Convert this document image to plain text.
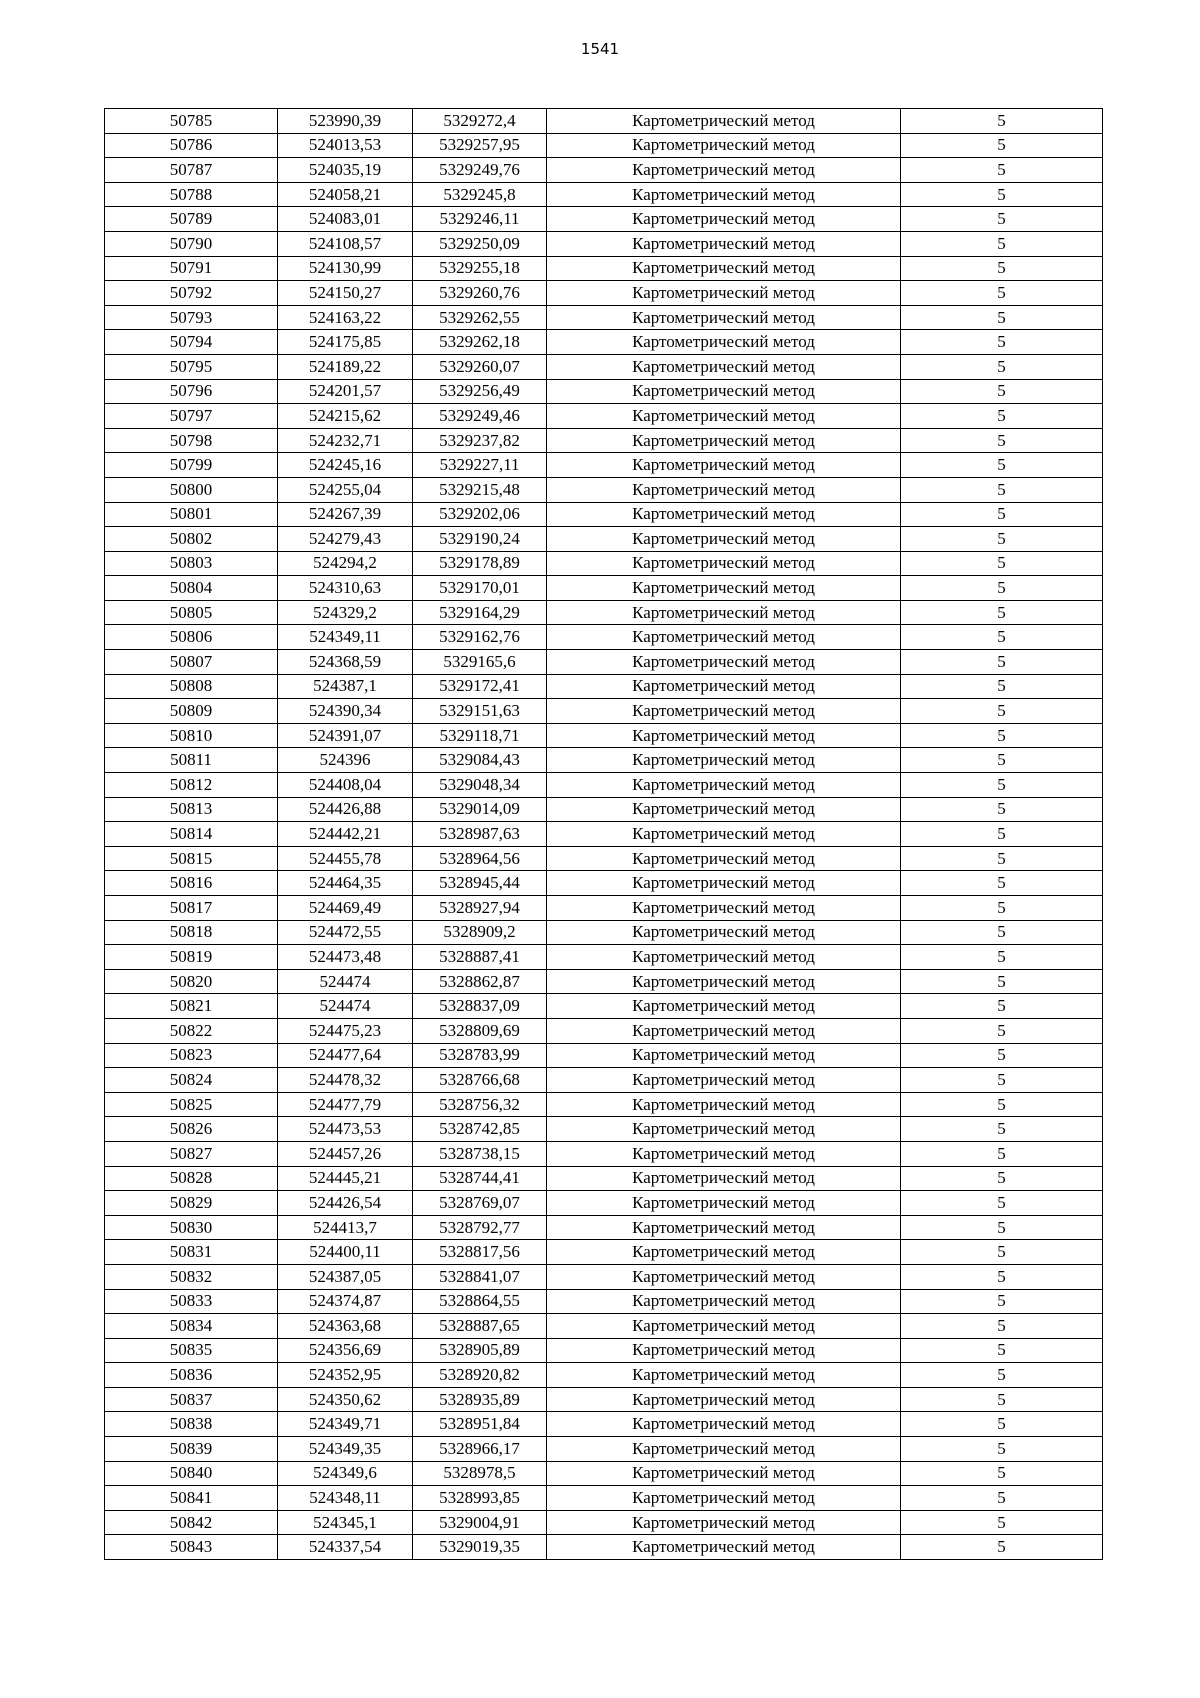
1541
50785	523990,39	5329272,4	Картометрический метод	5
50786	524013,53	5329257,95	Картометрический метод	5
50787	524035,19	5329249,76	Картометрический метод	5
50788	524058,21	5329245,8	Картометрический метод	5
50789	524083,01	5329246,11	Картометрический метод	5
50790	524108,57	5329250,09	Картометрический метод	5
50791	524130,99	5329255,18	Картометрический метод	5
50792	524150,27	5329260,76	Картометрический метод	5
50793	524163,22	5329262,55	Картометрический метод	5
50794	524175,85	5329262,18	Картометрический метод	5
50795	524189,22	5329260,07	Картометрический метод	5
50796	524201,57	5329256,49	Картометрический метод	5
50797	524215,62	5329249,46	Картометрический метод	5
50798	524232,71	5329237,82	Картометрический метод	5
50799	524245,16	5329227,11	Картометрический метод	5
50800	524255,04	5329215,48	Картометрический метод	5
50801	524267,39	5329202,06	Картометрический метод	5
50802	524279,43	5329190,24	Картометрический метод	5
50803	524294,2	5329178,89	Картометрический метод	5
50804	524310,63	5329170,01	Картометрический метод	5
50805	524329,2	5329164,29	Картометрический метод	5
50806	524349,11	5329162,76	Картометрический метод	5
50807	524368,59	5329165,6	Картометрический метод	5
50808	524387,1	5329172,41	Картометрический метод	5
50809	524390,34	5329151,63	Картометрический метод	5
50810	524391,07	5329118,71	Картометрический метод	5
50811	524396	5329084,43	Картометрический метод	5
50812	524408,04	5329048,34	Картометрический метод	5
50813	524426,88	5329014,09	Картометрический метод	5
50814	524442,21	5328987,63	Картометрический метод	5
50815	524455,78	5328964,56	Картометрический метод	5
50816	524464,35	5328945,44	Картометрический метод	5
50817	524469,49	5328927,94	Картометрический метод	5
50818	524472,55	5328909,2	Картометрический метод	5
50819	524473,48	5328887,41	Картометрический метод	5
50820	524474	5328862,87	Картометрический метод	5
50821	524474	5328837,09	Картометрический метод	5
50822	524475,23	5328809,69	Картометрический метод	5
50823	524477,64	5328783,99	Картометрический метод	5
50824	524478,32	5328766,68	Картометрический метод	5
50825	524477,79	5328756,32	Картометрический метод	5
50826	524473,53	5328742,85	Картометрический метод	5
50827	524457,26	5328738,15	Картометрический метод	5
50828	524445,21	5328744,41	Картометрический метод	5
50829	524426,54	5328769,07	Картометрический метод	5
50830	524413,7	5328792,77	Картометрический метод	5
50831	524400,11	5328817,56	Картометрический метод	5
50832	524387,05	5328841,07	Картометрический метод	5
50833	524374,87	5328864,55	Картометрический метод	5
50834	524363,68	5328887,65	Картометрический метод	5
50835	524356,69	5328905,89	Картометрический метод	5
50836	524352,95	5328920,82	Картометрический метод	5
50837	524350,62	5328935,89	Картометрический метод	5
50838	524349,71	5328951,84	Картометрический метод	5
50839	524349,35	5328966,17	Картометрический метод	5
50840	524349,6	5328978,5	Картометрический метод	5
50841	524348,11	5328993,85	Картометрический метод	5
50842	524345,1	5329004,91	Картометрический метод	5
50843	524337,54	5329019,35	Картометрический метод	5
